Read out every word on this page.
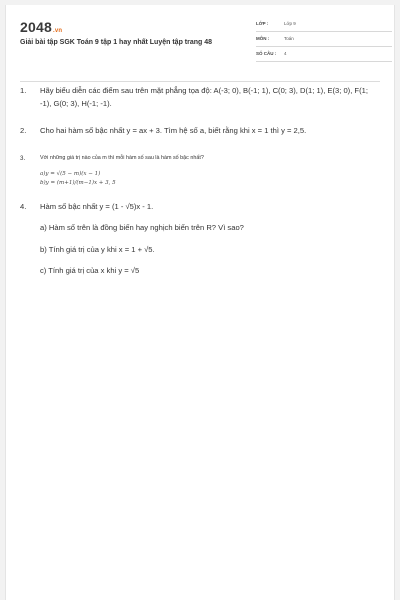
2048.vn
Giải bài tập SGK Toán 9 tập 1 hay nhất Luyện tập trang 48
LỚP :	Lớp 9
MÔN :	Toán
SỐ CÂU : 4
1. Hãy biểu diễn các điểm sau trên mặt phẳng tọa độ: A(-3; 0), B(-1; 1), C(0; 3), D(1; 1), E(3; 0), F(1; -1), G(0; 3), H(-1; -1).
2. Cho hai hàm số bậc nhất y = ax + 3. Tìm hệ số a, biết rằng khi x = 1 thì y = 2,5.
3.	Với những giá trị nào của m thì mỗi hàm số sau là hàm số bậc nhất?
a)y = √(5 − m)(x − 1)
b)y = (m+1)/(m−1)x + 3, 5
4. Hàm số bậc nhất y = (1 - √5)x - 1.
a) Hàm số trên là đồng biến hay nghịch biến trên R? Vì sao?
b) Tính giá trị của y khi x = 1 + √5.
c) Tính giá trị của x khi y = √5
